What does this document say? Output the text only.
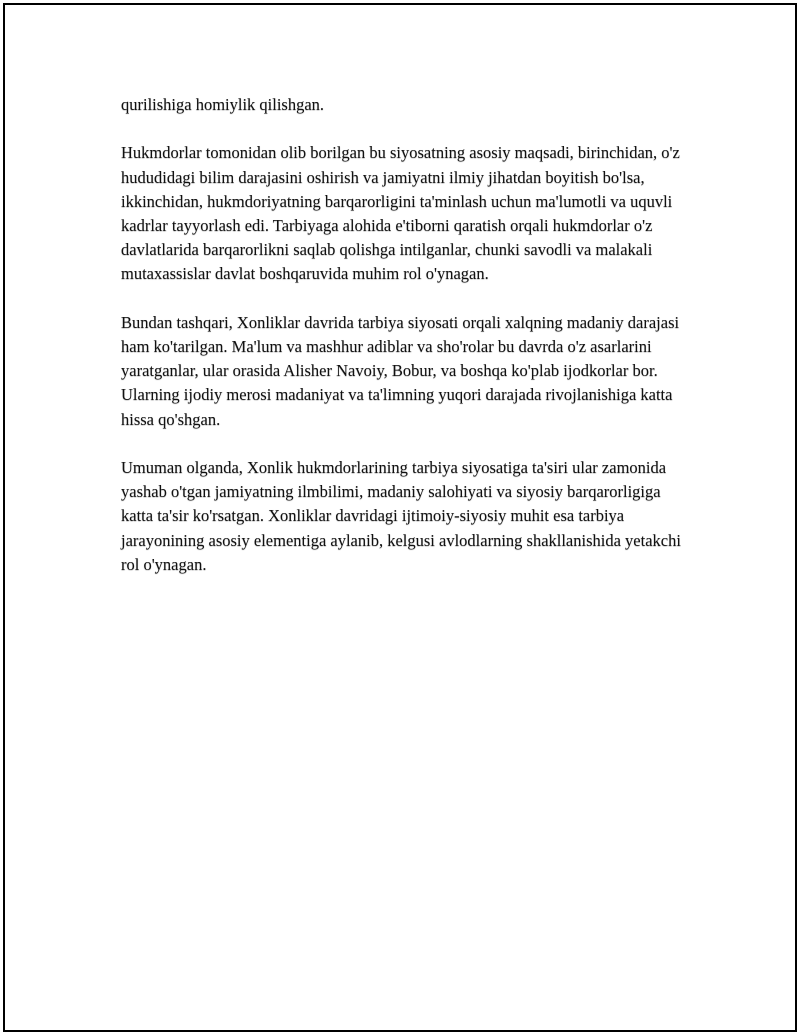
qurilishiga homiylik qilishgan.

Hukmdorlar tomonidan olib borilgan bu siyosatning asosiy maqsadi, birinchidan, o'z hududidagi bilim darajasini oshirish va jamiyatni ilmiy jihatdan boyitish bo'lsa, ikkinchidan, hukmdoriyatning barqarorligini ta'minlash uchun ma'lumotli va uquvli kadrlar tayyorlash edi. Tarbiyaga alohida e'tiborni qaratish orqali hukmdorlar o'z davlatlarida barqarorlikni saqlab qolishga intilganlar, chunki savodli va malakali mutaxassislar davlat boshqaruvida muhim rol o'ynagan.

Bundan tashqari, Xonliklar davrida tarbiya siyosati orqali xalqning madaniy darajasi ham ko'tarilgan. Ma'lum va mashhur adiblar va sho'rolar bu davrda o'z asarlarini yaratganlar, ular orasida Alisher Navoiy, Bobur, va boshqa ko'plab ijodkorlar bor. Ularning ijodiy merosi madaniyat va ta'limning yuqori darajada rivojlanishiga katta hissa qo'shgan.

Umuman olganda, Xonlik hukmdorlarining tarbiya siyosatiga ta'siri ular zamonida yashab o'tgan jamiyatning ilmbilimi, madaniy salohiyati va siyosiy barqarorligiga katta ta'sir ko'rsatgan. Xonliklar davridagi ijtimoiy-siyosiy muhit esa tarbiya jarayonining asosiy elementiga aylanib, kelgusi avlodlarning shakllanishida yetakchi rol o'ynagan.
